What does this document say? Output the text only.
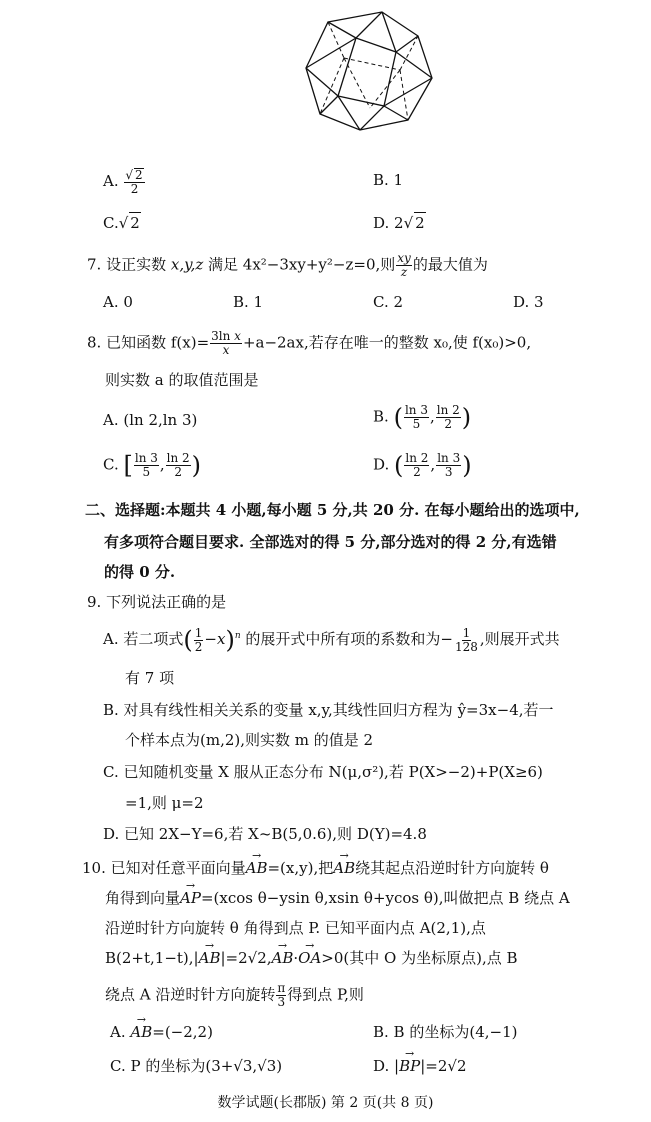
A. $\frac{√ 2}{2}$	B. 1
C.√ 2	D. 2√ 2
7. 设正实数 x,y,z 满足 4x²−3xy+y²−z=0,则 $\frac{xy}{z}$ 的最大值为
A. 0	B. 1	C. 2	D. 3
8. 已知函数 $f(x)= \frac{\text{3ln x}}{x} +a-2ax$,若存在唯一的整数 x₀,使 f(x₀)>0,
则实数 a 的取值范围是
A. (ln 2,ln 3)	B. ( $\frac{\ln 3}{5}$ , $\frac{\ln 2}{2}$ )
C. [ $\frac{\ln 3}{5}$ , $\frac{\ln 2}{2}$ )	D. ( $\frac{\ln 2}{2}$ , $\frac{\ln 3}{3}$ )
二、选择题:本题共 4 小题,每小题 5 分,共 20 分. 在每小题给出的选项中,
有多项符合题目要求. 全部选对的得 5 分,部分选对的得 2 分,有选错
的得 0 分.
9. 下列说法正确的是
A. 若二项式( $\frac{1}{2} -x)^n$ 的展开式中所有项的系数和为− $\frac{1}{128}$ ,则展开式共
有 7 项
B. 对具有线性相关关系的变量 x,y,其线性回归方程为 ŷ=3x−4,若一
个样本点为(m,2),则实数 m 的值是 2
C. 已知随机变量 X 服从正态分布 N(μ,σ²),若 P(X>−2)+P(X≥6)
=1,则 μ=2
D. 已知 2X−Y=6,若 X~B(5,0.6),则 D(Y)=4.8
10. 已知对任意平面向量→ AB=(x,y),把→ AB绕其起点沿逆时针方向旋转 θ
角得到向量→ AP=(xcos θ−ysin θ,xsin θ+ycos θ),叫做把点 B 绕点 A
沿逆时针方向旋转 θ 角得到点 P. 已知平面内点 A(2,1),点
B(2+t,1−t),|→ AB|=2√2,→ AB·→ OA>0(其中 O 为坐标原点),点 B
绕点 A 沿逆时针方向旋转 $\frac{\pi}{3}$ 得到点 P,则
A. → AB=(−2,2)	B. B 的坐标为(4,−1)
C. P 的坐标为(3+√3,√3)	D. |→ BP|=2√2
数学试题(长郡版) 第 2 页(共 8 页)
